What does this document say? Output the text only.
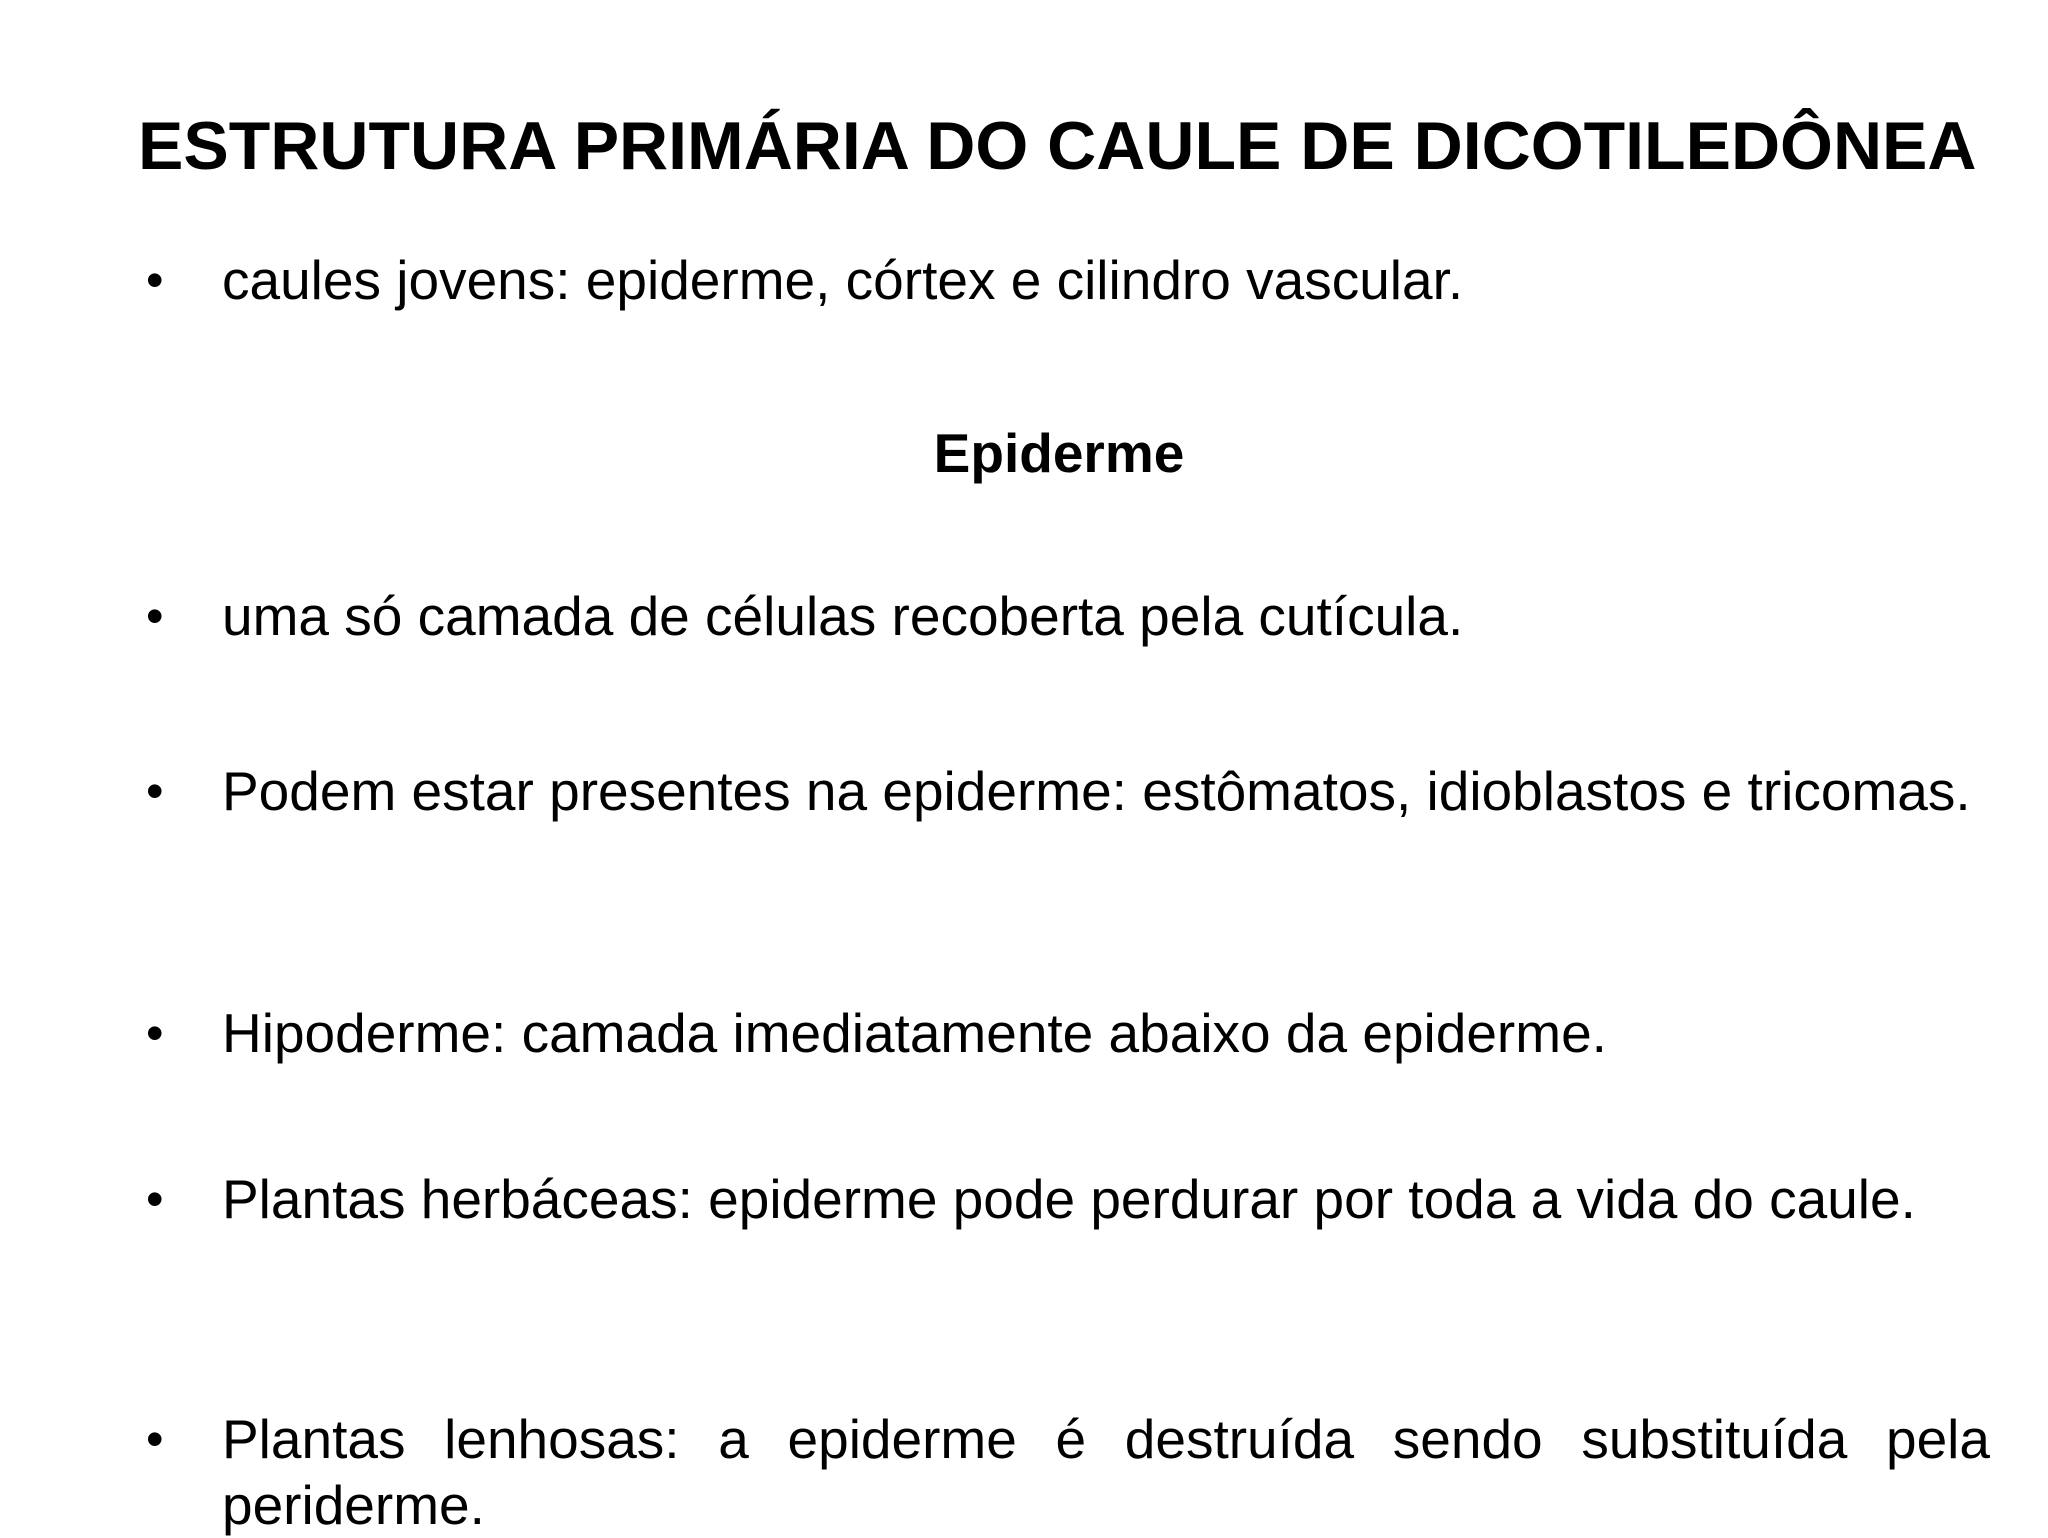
ESTRUTURA PRIMÁRIA DO CAULE DE DICOTILEDÔNEA
• caules jovens: epiderme, córtex e cilindro vascular.
Epiderme
• uma só camada de células recoberta pela cutícula.
• Podem estar presentes na epiderme: estômatos, idioblastos e tricomas.
• Hipoderme: camada imediatamente abaixo da epiderme.
• Plantas herbáceas: epiderme pode perdurar por toda a vida do caule.
• Plantas lenhosas: a epiderme é destruída sendo substituída pela periderme.
